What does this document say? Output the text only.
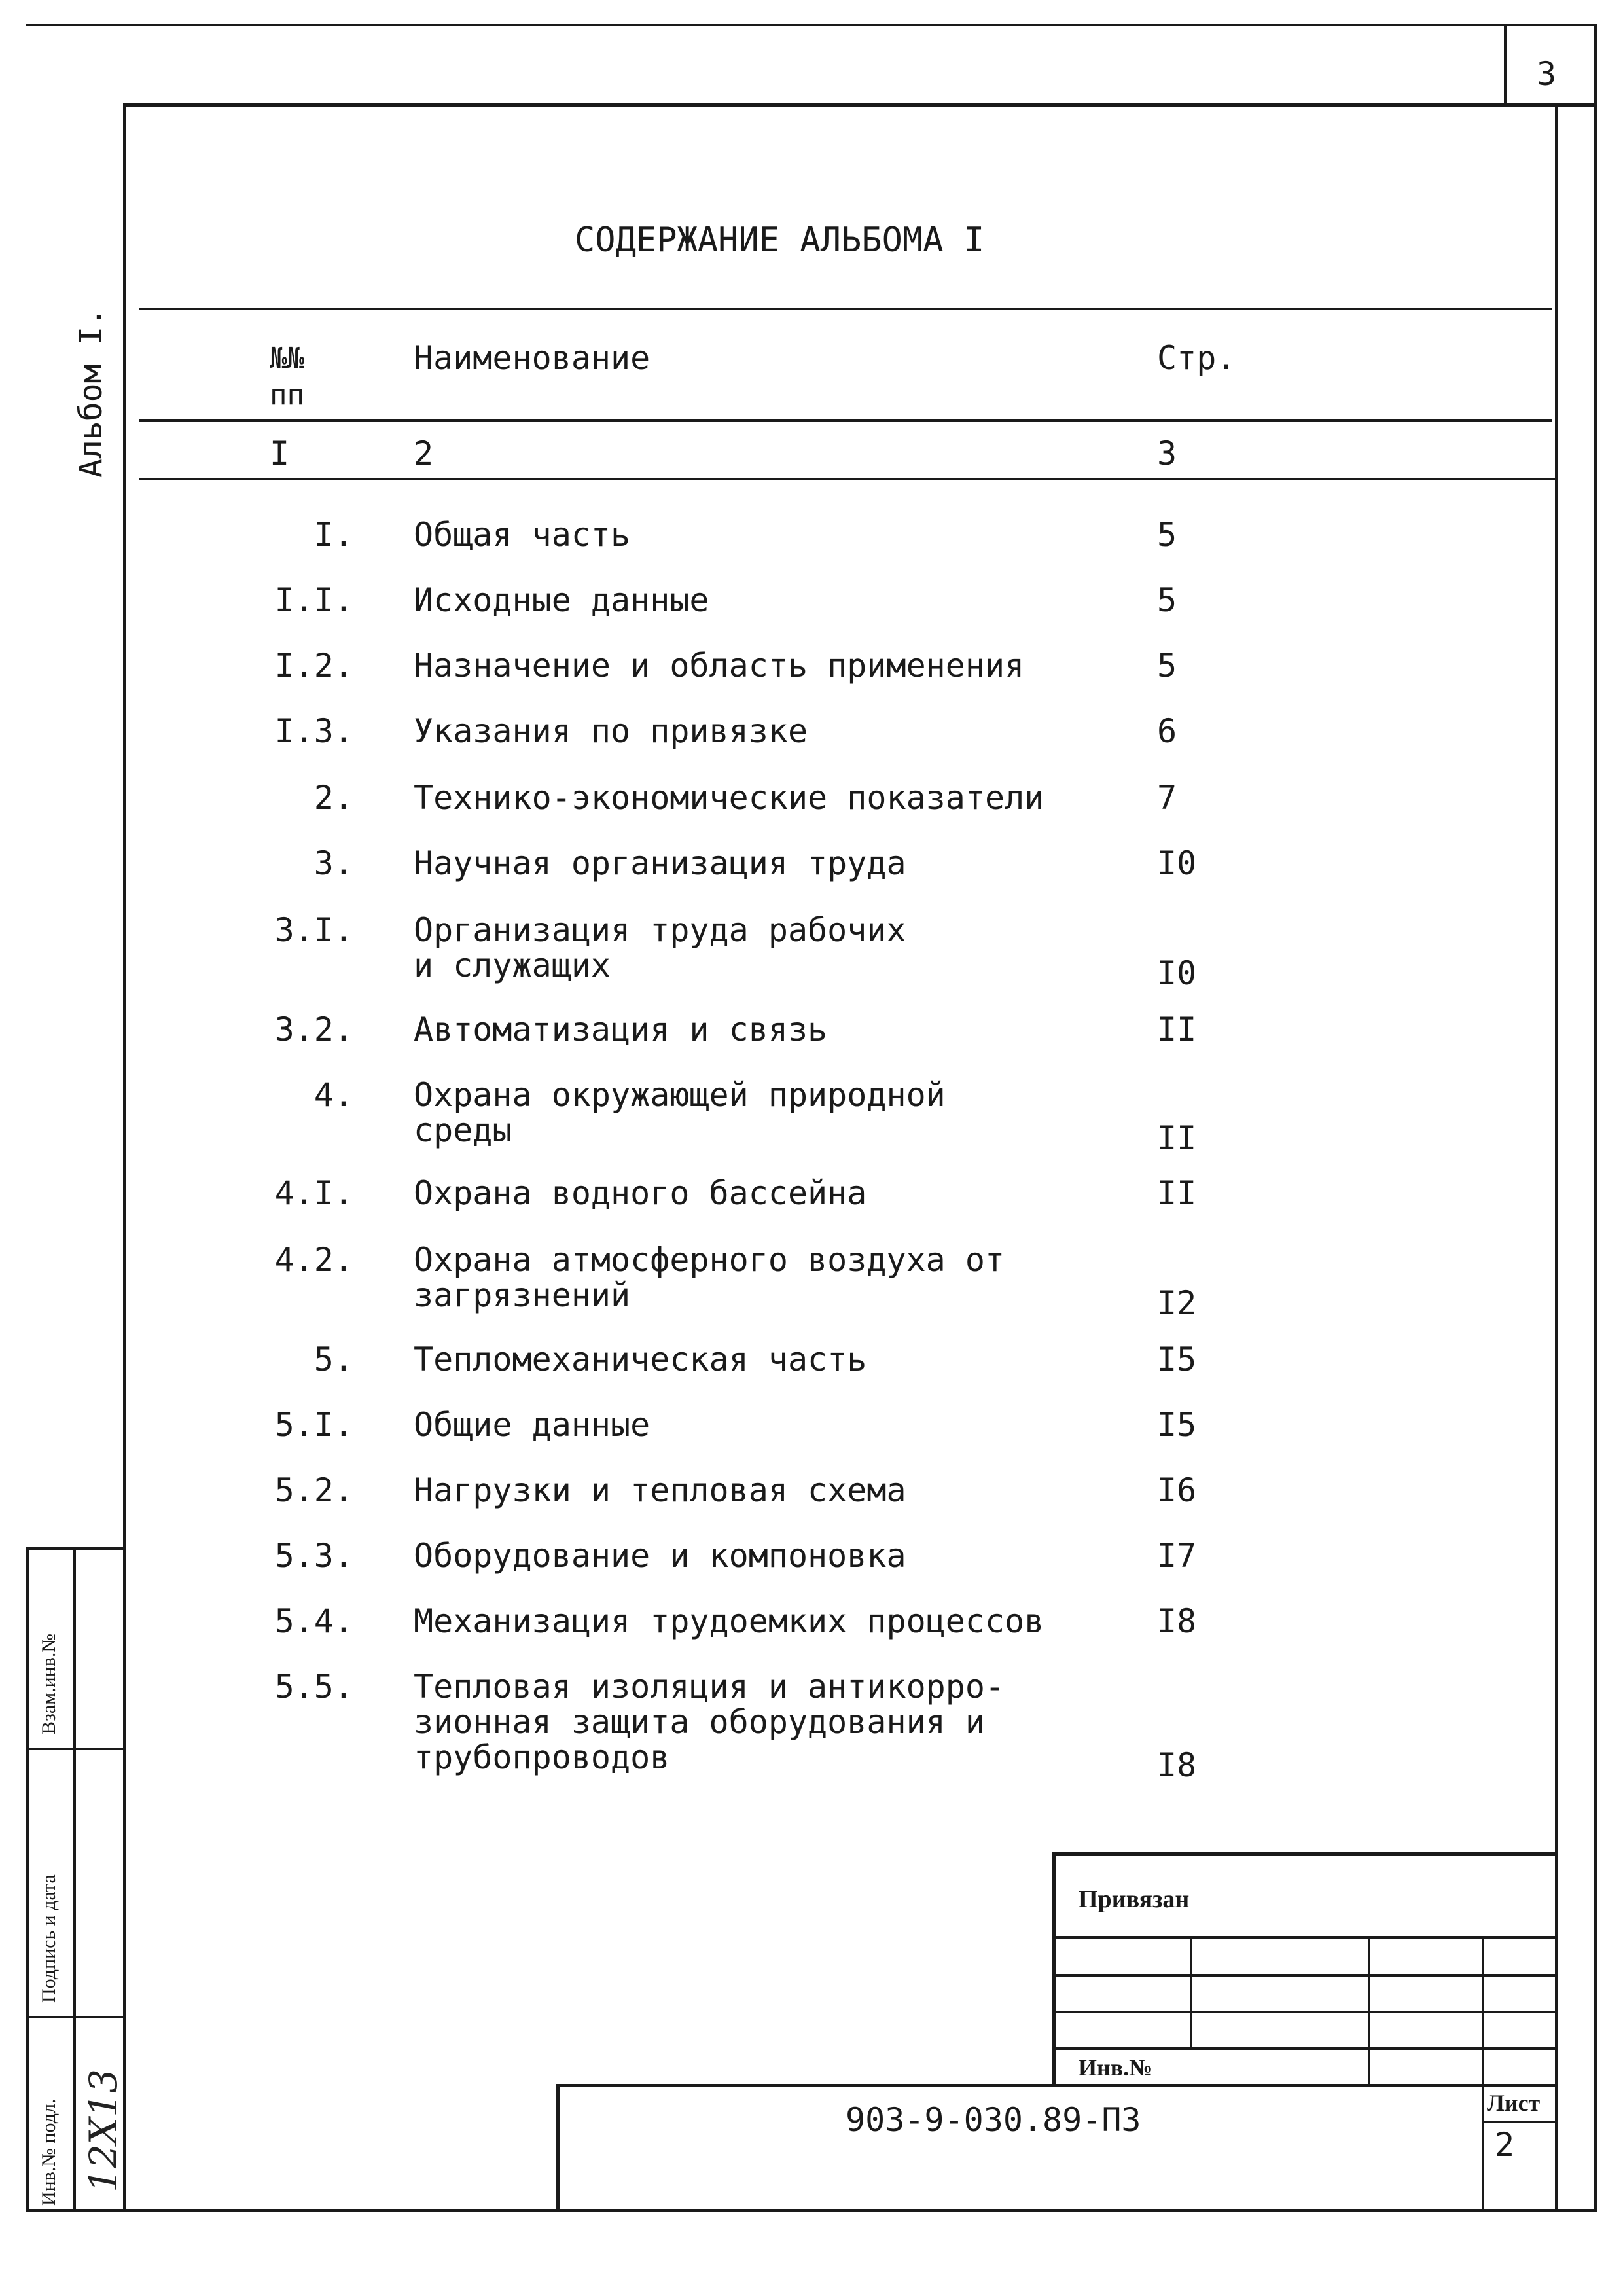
3
Альбом I.
СОДЕРЖАНИЕ АЛЬБОМА I
№№ пп
Наименование	Стр.
I	2	3
I. Общая часть	5
I.I. Исходные данные	5
I.2. Назначение и область применения	5
I.3. Указания по привязке	6
2. Технико-экономические показатели	7
3. Научная организация труда	I0
3.I. Организация труда рабочих
и служащих	I0
3.2. Автоматизация и связь	II
4. Охрана окружающей природной
среды	II
4.I. Охрана водного бассейна	II
4.2. Охрана атмосферного воздуха от
загрязнений	I2
5. Тепломеханическая часть	I5
5.I. Общие данные	I5
5.2. Нагрузки и тепловая схема	I6
5.3. Оборудование и компоновка	I7
5.4. Механизация трудоемких процессов	I8
5.5. Тепловая изоляция и антикорро-
зионная защита оборудования и
трубопроводов	I8
Привязан
Инв.№
903-9-030.89-ПЗ	Лист
2
Инв.№ подл.
Подпись и дата
Взам.инв.№
12X13
